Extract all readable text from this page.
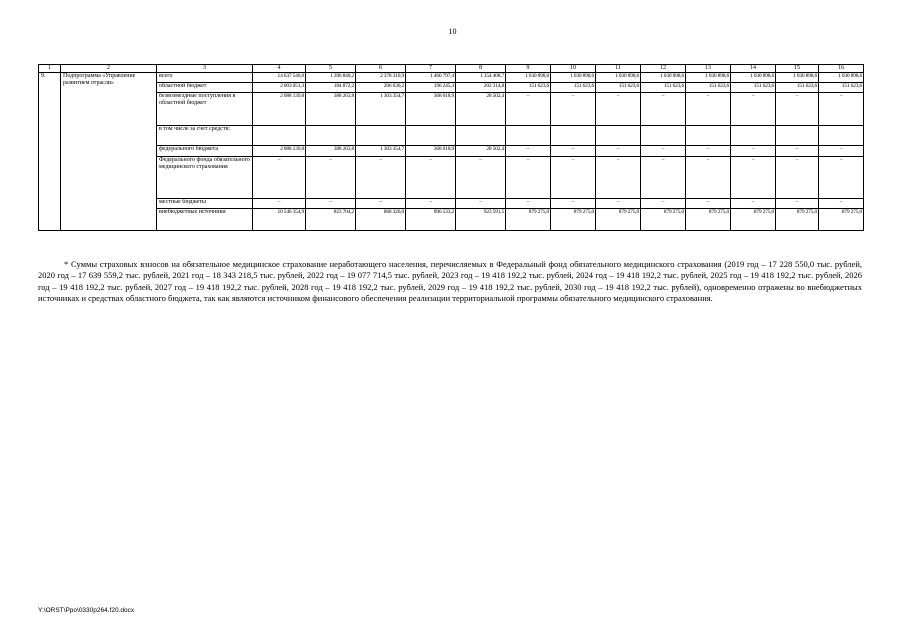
10
1	2	3	4	5	6	7	8	9	10	11	12	13	14	15	16
9.	Подпрограмма «Управление развитием отрасли»	всего	14 637 546,0	1 396 840,2	2 378 310,9	1 460 797,4	1 154 408,7	1 030 898,6	1 030 898,6	1 030 898,6	1 030 898,6	1 030 898,6	1 030 898,6	1 030 898,6	1 030 898,6
		областной бюджет	2 003 051,3	184 872,2	206 630,2	196 245,3	202 314,8	151 623,6	151 623,6	151 623,6	151 623,6	151 623,6	151 623,6	151 623,6	151 623,6
		безвозмездные поступления в областной бюджет	2 088 139,8	388 263,8	1 303 354,7	368 018,9	28 502,4	–	–	–	–	–	–	–	–
		в том числе за счет средств:													
		федерального бюджета	2 088 139,8	388 263,8	1 303 354,7	368 018,9	28 502,4	–	–	–	–	–	–	–	–
		Федерального фонда обязательного медицинского страхования	–	–	–	–	–	–	–	–	–	–	–	–	–
		местные бюджеты	–	–	–	–	–	–	–	–	–	–	–	–	–
		внебюджетные источники	10 546 354,9	823 704,2	868 326,0	896 533,2	923 591,5	879 275,0	879 275,0	879 275,0	879 275,0	879 275,0	879 275,0	879 275,0	879 275,0

* Суммы страховых взносов на обязательное медицинское страхование неработающего населения, перечисляемых в Федеральный фонд обязательного медицинского страхования (2019 год – 17 228 550,0 тыс. рублей, 2020 год – 17 639 559,2 тыс. рублей, 2021 год – 18 343 218,5 тыс. рублей, 2022 год – 19 077 714,5 тыс. рублей, 2023 год – 19 418 192,2 тыс. рублей, 2024 год – 19 418 192,2 тыс. рублей, 2025 год – 19 418 192,2 тыс. рублей, 2026 год – 19 418 192,2 тыс. рублей, 2027 год – 19 418 192,2 тыс. рублей, 2028 год – 19 418 192,2 тыс. рублей, 2029 год – 19 418 192,2 тыс. рублей, 2030 год – 19 418 192,2 тыс. рублей), одновременно отражены во внебюджетных источниках и средствах областного бюджета, так как являются источником финансового обеспечения реализации территориальной программы обязательного медицинского страхования.

Y:\ORST\Ppo\0330p264.f20.docx
